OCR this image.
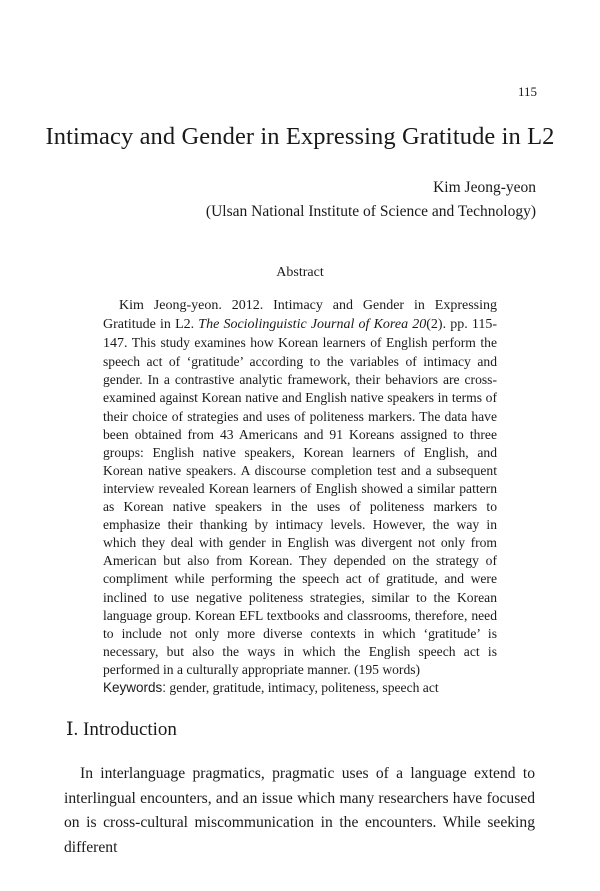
115
Intimacy and Gender in Expressing Gratitude in L2
Kim Jeong-yeon
(Ulsan National Institute of Science and Technology)
Abstract

Kim Jeong-yeon. 2012. Intimacy and Gender in Expressing Gratitude in L2. The Sociolinguistic Journal of Korea 20(2). pp. 115-147. This study examines how Korean learners of English perform the speech act of ‘gratitude’ according to the variables of intimacy and gender. In a contrastive analytic framework, their behaviors are cross-examined against Korean native and English native speakers in terms of their choice of strategies and uses of politeness markers. The data have been obtained from 43 Americans and 91 Koreans assigned to three groups: English native speakers, Korean learners of English, and Korean native speakers. A discourse completion test and a subsequent interview revealed Korean learners of English showed a similar pattern as Korean native speakers in the uses of politeness markers to emphasize their thanking by intimacy levels. However, the way in which they deal with gender in English was divergent not only from American but also from Korean. They depended on the strategy of compliment while performing the speech act of gratitude, and were inclined to use negative politeness strategies, similar to the Korean language group. Korean EFL textbooks and classrooms, therefore, need to include not only more diverse contexts in which ‘gratitude’ is necessary, but also the ways in which the English speech act is performed in a culturally appropriate manner. (195 words)

Keywords: gender, gratitude, intimacy, politeness, speech act

Ⅰ. Introduction

In interlanguage pragmatics, pragmatic uses of a language extend to interlingual encounters, and an issue which many researchers have focused on is cross-cultural miscommunication in the encounters. While seeking different
